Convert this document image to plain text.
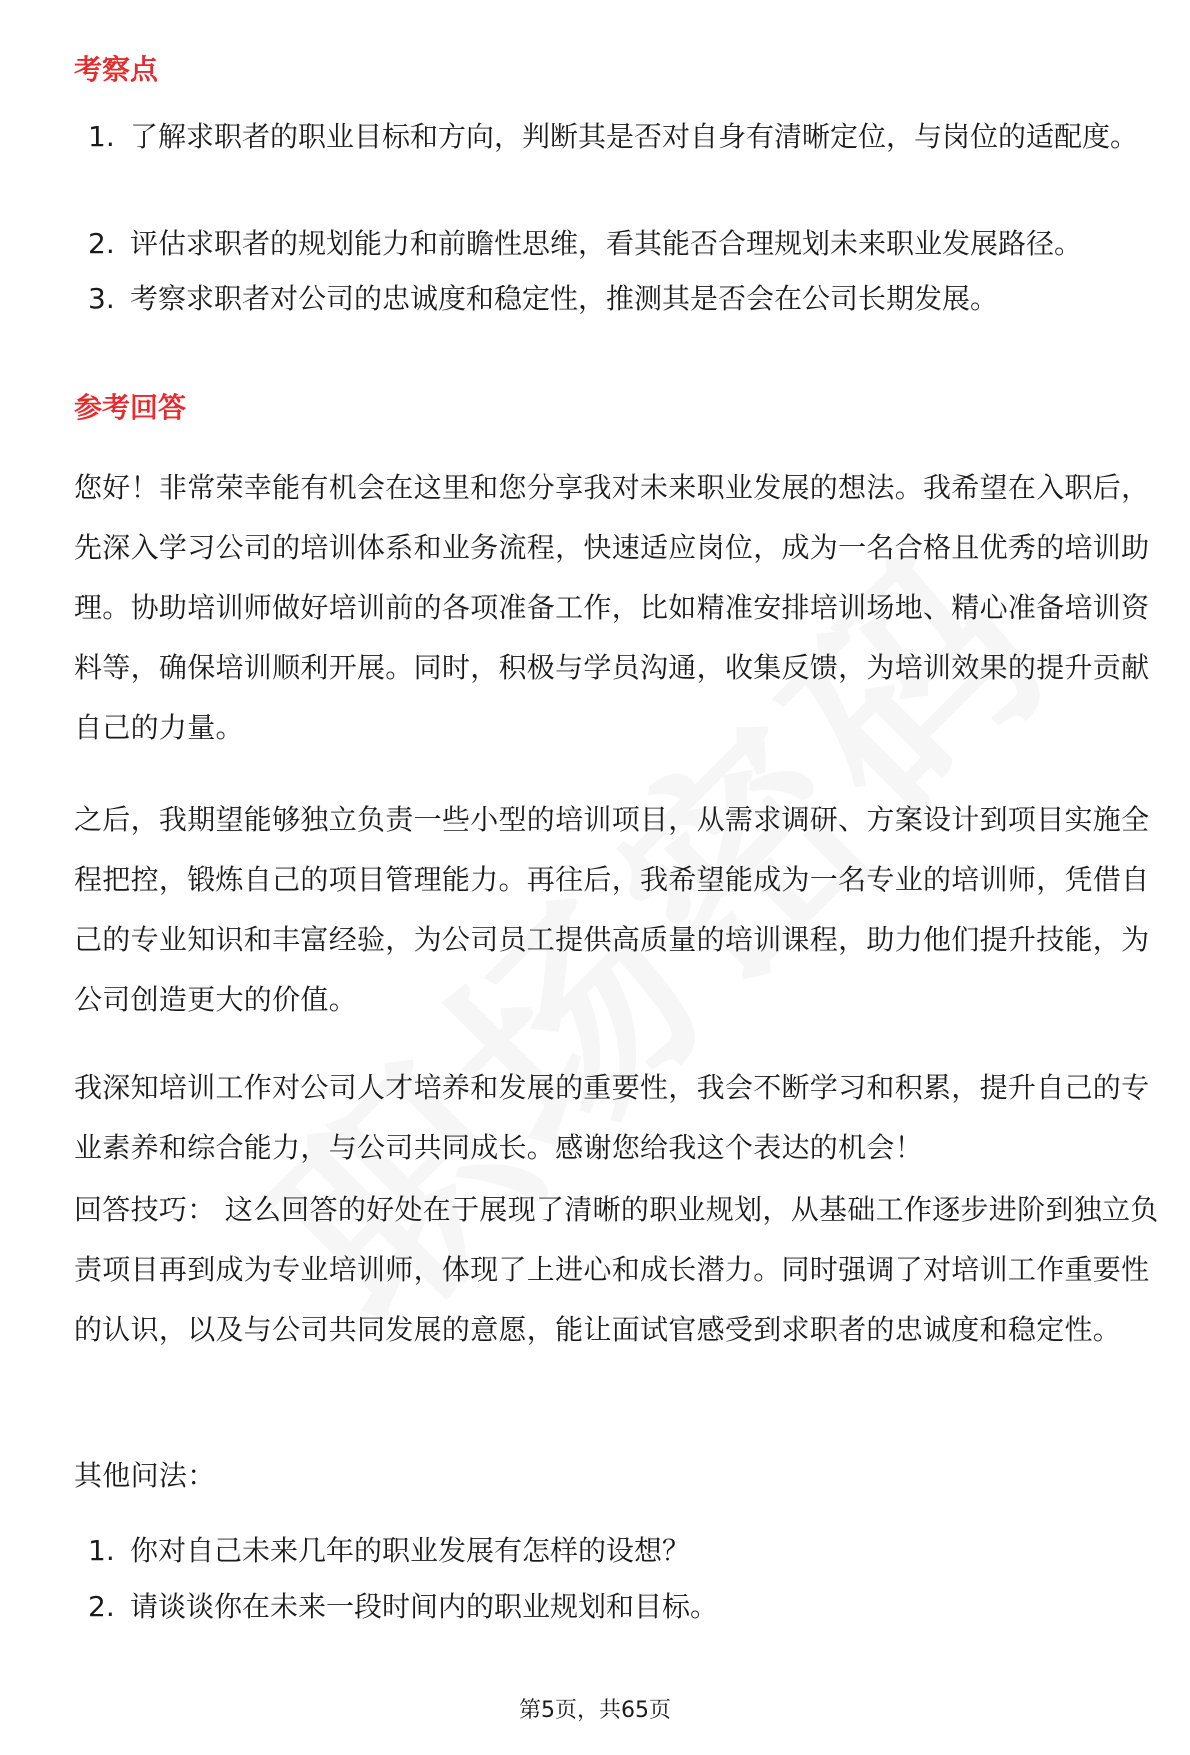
考察点
1. 了解求职者的职业目标和方向，判断其是否对自身有清晰定位，与岗位的适配度。
2. 评估求职者的规划能力和前瞻性思维，看其能否合理规划未来职业发展路径。
3. 考察求职者对公司的忠诚度和稳定性，推测其是否会在公司长期发展。
参考回答
您好！非常荣幸能有机会在这里和您分享我对未来职业发展的想法。我希望在入职后，先深入学习公司的培训体系和业务流程，快速适应岗位，成为一名合格且优秀的培训助理。协助培训师做好培训前的各项准备工作，比如精准安排培训场地、精心准备培训资料等，确保培训顺利开展。同时，积极与学员沟通，收集反馈，为培训效果的提升贡献自己的力量。
之后，我期望能够独立负责一些小型的培训项目，从需求调研、方案设计到项目实施全程把控，锻炼自己的项目管理能力。再往后，我希望能成为一名专业的培训师，凭借自己的专业知识和丰富经验，为公司员工提供高质量的培训课程，助力他们提升技能，为公司创造更大的价值。
我深知培训工作对公司人才培养和发展的重要性，我会不断学习和积累，提升自己的专业素养和综合能力，与公司共同成长。感谢您给我这个表达的机会！
回答技巧： 这么回答的好处在于展现了清晰的职业规划，从基础工作逐步进阶到独立负责项目再到成为专业培训师，体现了上进心和成长潜力。同时强调了对培训工作重要性的认识，以及与公司共同发展的意愿，能让面试官感受到求职者的忠诚度和稳定性。
其他问法：
1. 你对自己未来几年的职业发展有怎样的设想？
2. 请谈谈你在未来一段时间内的职业规划和目标。
第5页，共65页
